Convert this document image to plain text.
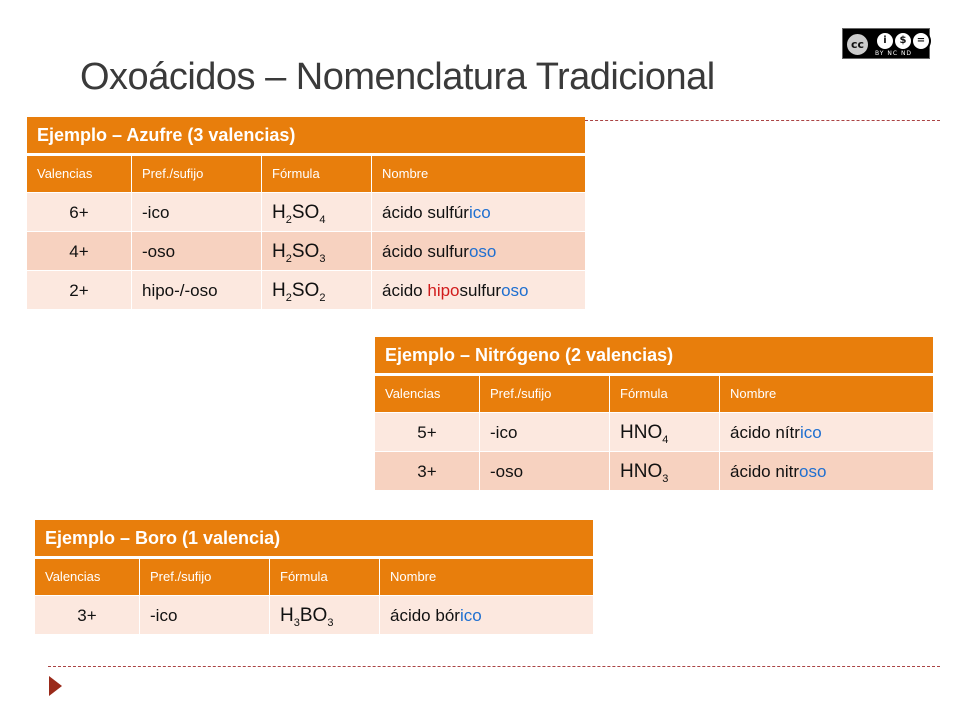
Oxoácidos – Nomenclatura Tradicional
cc	i	$	=
BY NC ND
Ejemplo – Azufre (3 valencias)
Valencias	Pref./sufijo	Fórmula	Nombre
6+	-ico	$H_2SO_4$	ácido sulfúrico
4+	-oso	$H_2SO_3$	ácido sulfuroso
2+	hipo-/-oso	$H_2SO_2$	ácido hiposulfuroso
Ejemplo – Nitrógeno (2 valencias)
Valencias	Pref./sufijo	Fórmula	Nombre
5+	-ico	$HNO_4$	ácido nítrico
3+	-oso	$HNO_3$	ácido nitroso
Ejemplo – Boro (1 valencia)
Valencias	Pref./sufijo	Fórmula	Nombre
3+	-ico	$H_3BO_3$	ácido bórico
